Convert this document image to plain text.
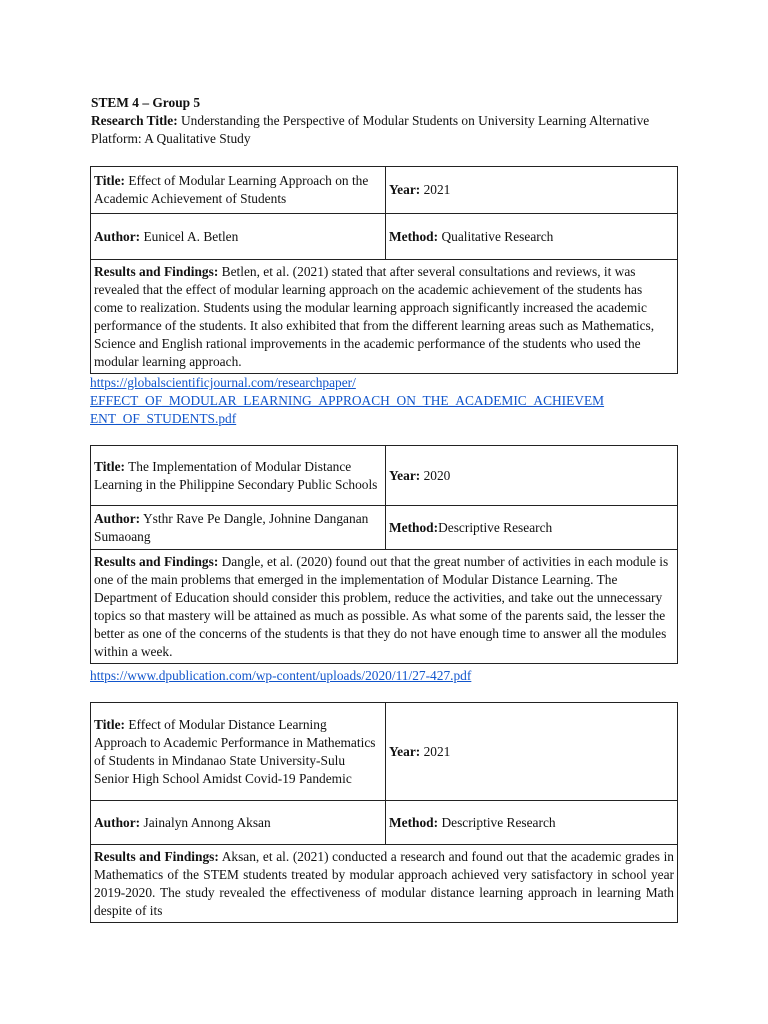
STEM 4 – Group 5
Research Title: Understanding the Perspective of Modular Students on University Learning Alternative Platform: A Qualitative Study
Title: Effect of Modular Learning Approach on the Academic Achievement of Students	Year: 2021
Author: Eunicel A. Betlen	Method: Qualitative Research
Results and Findings: Betlen, et al. (2021) stated that after several consultations and reviews, it was revealed that the effect of modular learning approach on the academic achievement of the students has come to realization. Students using the modular learning approach significantly increased the academic performance of the students. It also exhibited that from the different learning areas such as Mathematics, Science and English rational improvements in the academic performance of the students who used the modular learning approach.	
https://globalscientificjournal.com/researchpaper/
EFFECT_OF_MODULAR_LEARNING_APPROACH_ON_THE_ACADEMIC_ACHIEVEM
ENT_OF_STUDENTS.pdf
Title: The Implementation of Modular Distance Learning in the Philippine Secondary Public Schools	Year: 2020
Author: Ysthr Rave Pe Dangle, Johnine Danganan Sumaoang	Method:Descriptive Research
Results and Findings: Dangle, et al. (2020) found out that the great number of activities in each module is one of the main problems that emerged in the implementation of Modular Distance Learning. The Department of Education should consider this problem, reduce the activities, and take out the unnecessary topics so that mastery will be attained as much as possible. As what some of the parents said, the lesser the better as one of the concerns of the students is that they do not have enough time to answer all the modules within a week.	
https://www.dpublication.com/wp-content/uploads/2020/11/27-427.pdf
Title: Effect of Modular Distance Learning Approach to Academic Performance in Mathematics of Students in Mindanao State University-Sulu Senior High School Amidst Covid-19 Pandemic	Year: 2021
Author: Jainalyn Annong Aksan	Method: Descriptive Research
Results and Findings: Aksan, et al. (2021) conducted a research and found out that the academic grades in Mathematics of the STEM students treated by modular approach achieved very satisfactory in school year 2019-2020. The study revealed the effectiveness of modular distance learning approach in learning Math despite of its	
